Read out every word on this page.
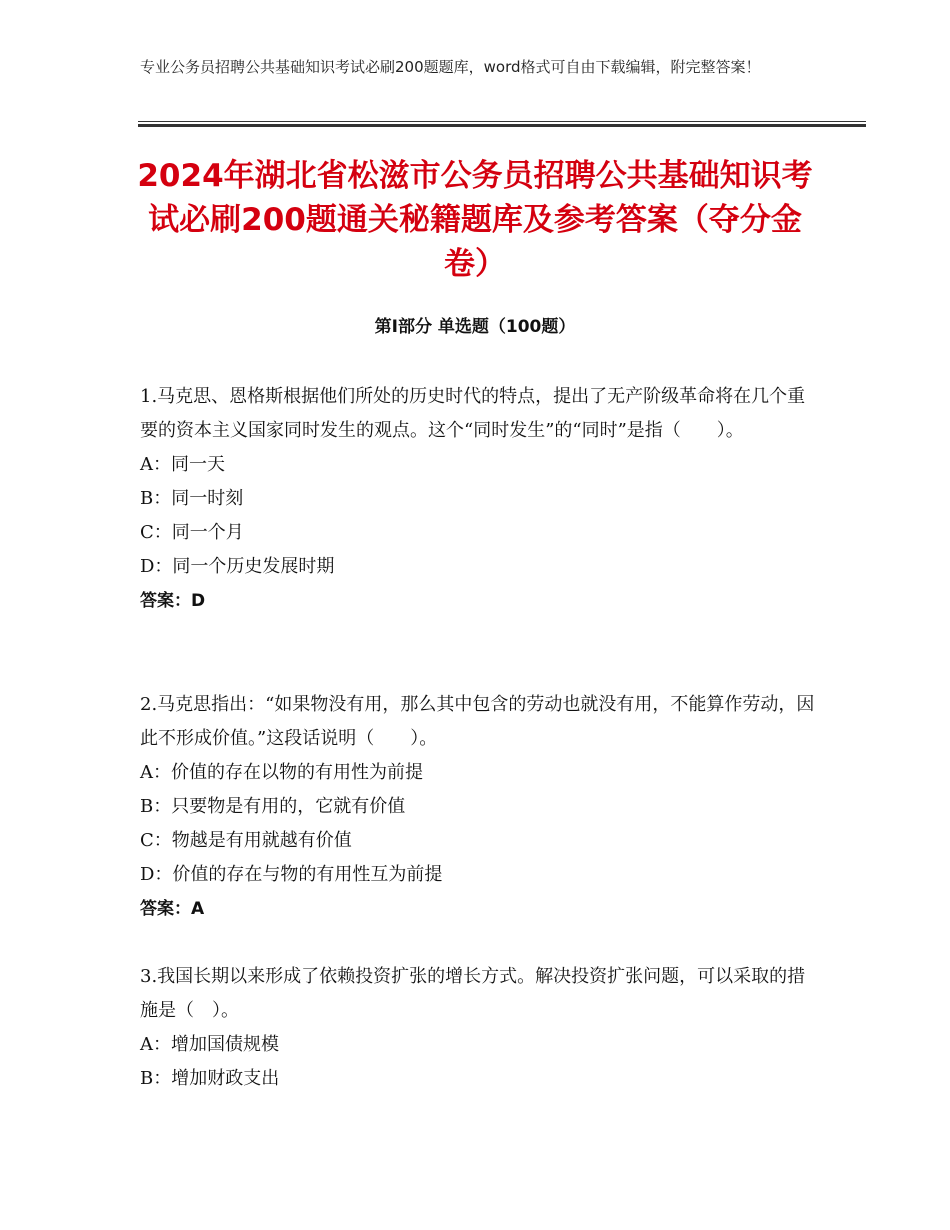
专业公务员招聘公共基础知识考试必刷200题题库，word格式可自由下载编辑，附完整答案！
2024年湖北省松滋市公务员招聘公共基础知识考试必刷200题通关秘籍题库及参考答案（夺分金卷）
第Ⅰ部分 单选题（100题）

1.马克思、恩格斯根据他们所处的历史时代的特点，提出了无产阶级革命将在几个重要的资本主义国家同时发生的观点。这个“同时发生”的“同时”是指（　　）。

A：同一天

B：同一时刻

C：同一个月

D：同一个历史发展时期

答案：D

2.马克思指出：“如果物没有用，那么其中包含的劳动也就没有用，不能算作劳动，因此不形成价值。”这段话说明（　　）。

A：价值的存在以物的有用性为前提

B：只要物是有用的，它就有价值

C：物越是有用就越有价值

D：价值的存在与物的有用性互为前提

答案：A

3.我国长期以来形成了依赖投资扩张的增长方式。解决投资扩张问题，可以采取的措施是（　）。

A：增加国债规模

B：增加财政支出
